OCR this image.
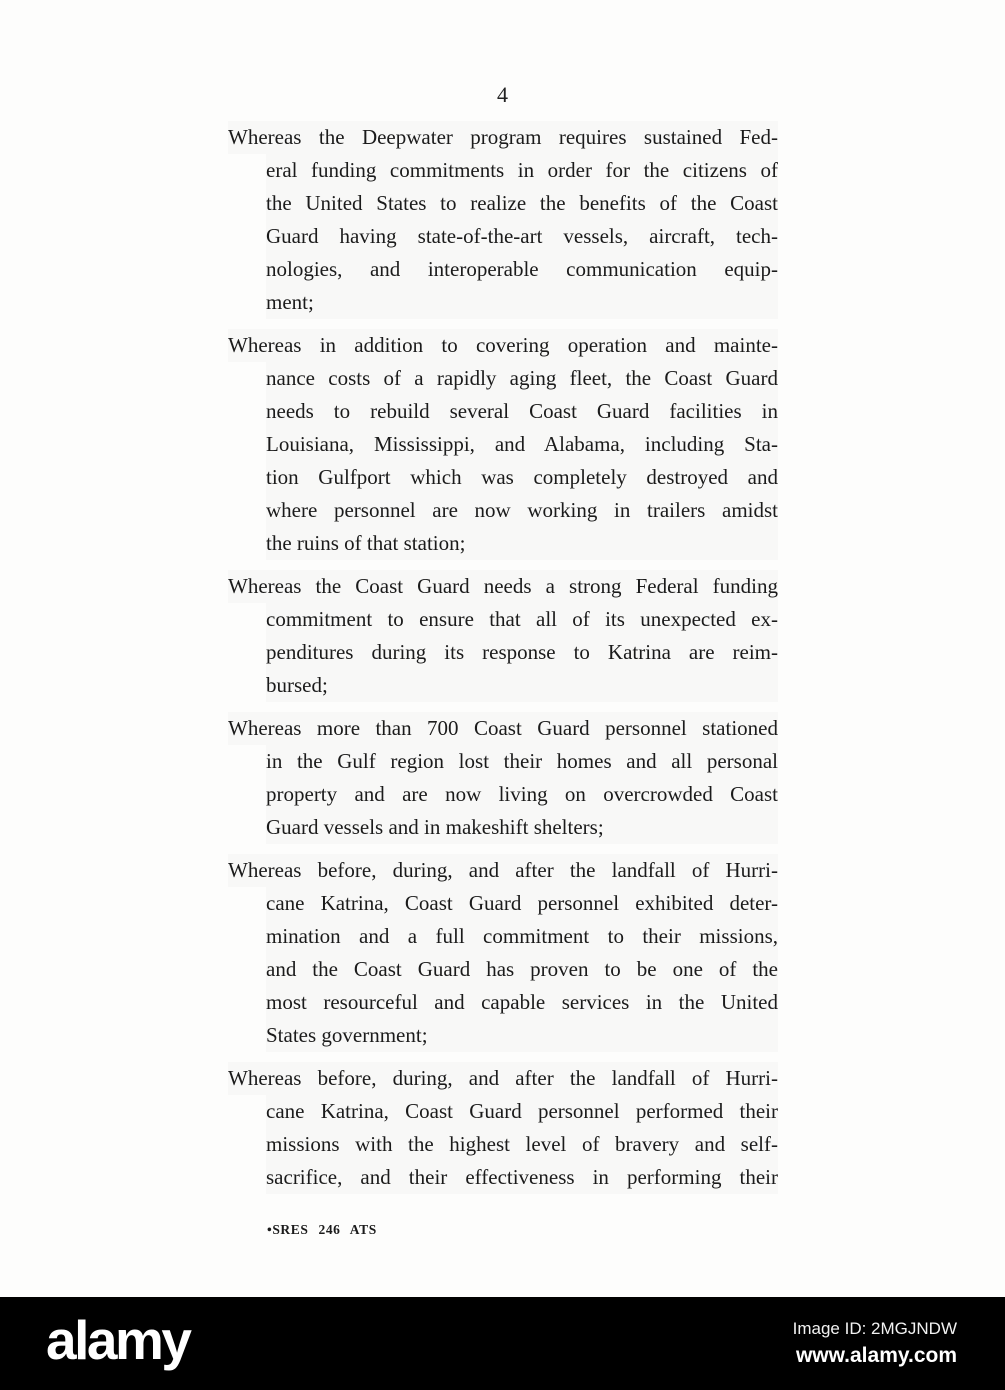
4
Whereas the Deepwater program requires sustained Fed-
eral funding commitments in order for the citizens of
the United States to realize the benefits of the Coast
Guard having state-of-the-art vessels, aircraft, tech-
nologies, and interoperable communication equip-
ment;
Whereas in addition to covering operation and mainte-
nance costs of a rapidly aging fleet, the Coast Guard
needs to rebuild several Coast Guard facilities in
Louisiana, Mississippi, and Alabama, including Sta-
tion Gulfport which was completely destroyed and
where personnel are now working in trailers amidst
the ruins of that station;
Whereas the Coast Guard needs a strong Federal funding
commitment to ensure that all of its unexpected ex-
penditures during its response to Katrina are reim-
bursed;
Whereas more than 700 Coast Guard personnel stationed
in the Gulf region lost their homes and all personal
property and are now living on overcrowded Coast
Guard vessels and in makeshift shelters;
Whereas before, during, and after the landfall of Hurri-
cane Katrina, Coast Guard personnel exhibited deter-
mination and a full commitment to their missions,
and the Coast Guard has proven to be one of the
most resourceful and capable services in the United
States government;
Whereas before, during, and after the landfall of Hurri-
cane Katrina, Coast Guard personnel performed their
missions with the highest level of bravery and self-
sacrifice, and their effectiveness in performing their
•SRES 246 ATS
alamy	Image ID: 2MGJNDW
www.alamy.com
